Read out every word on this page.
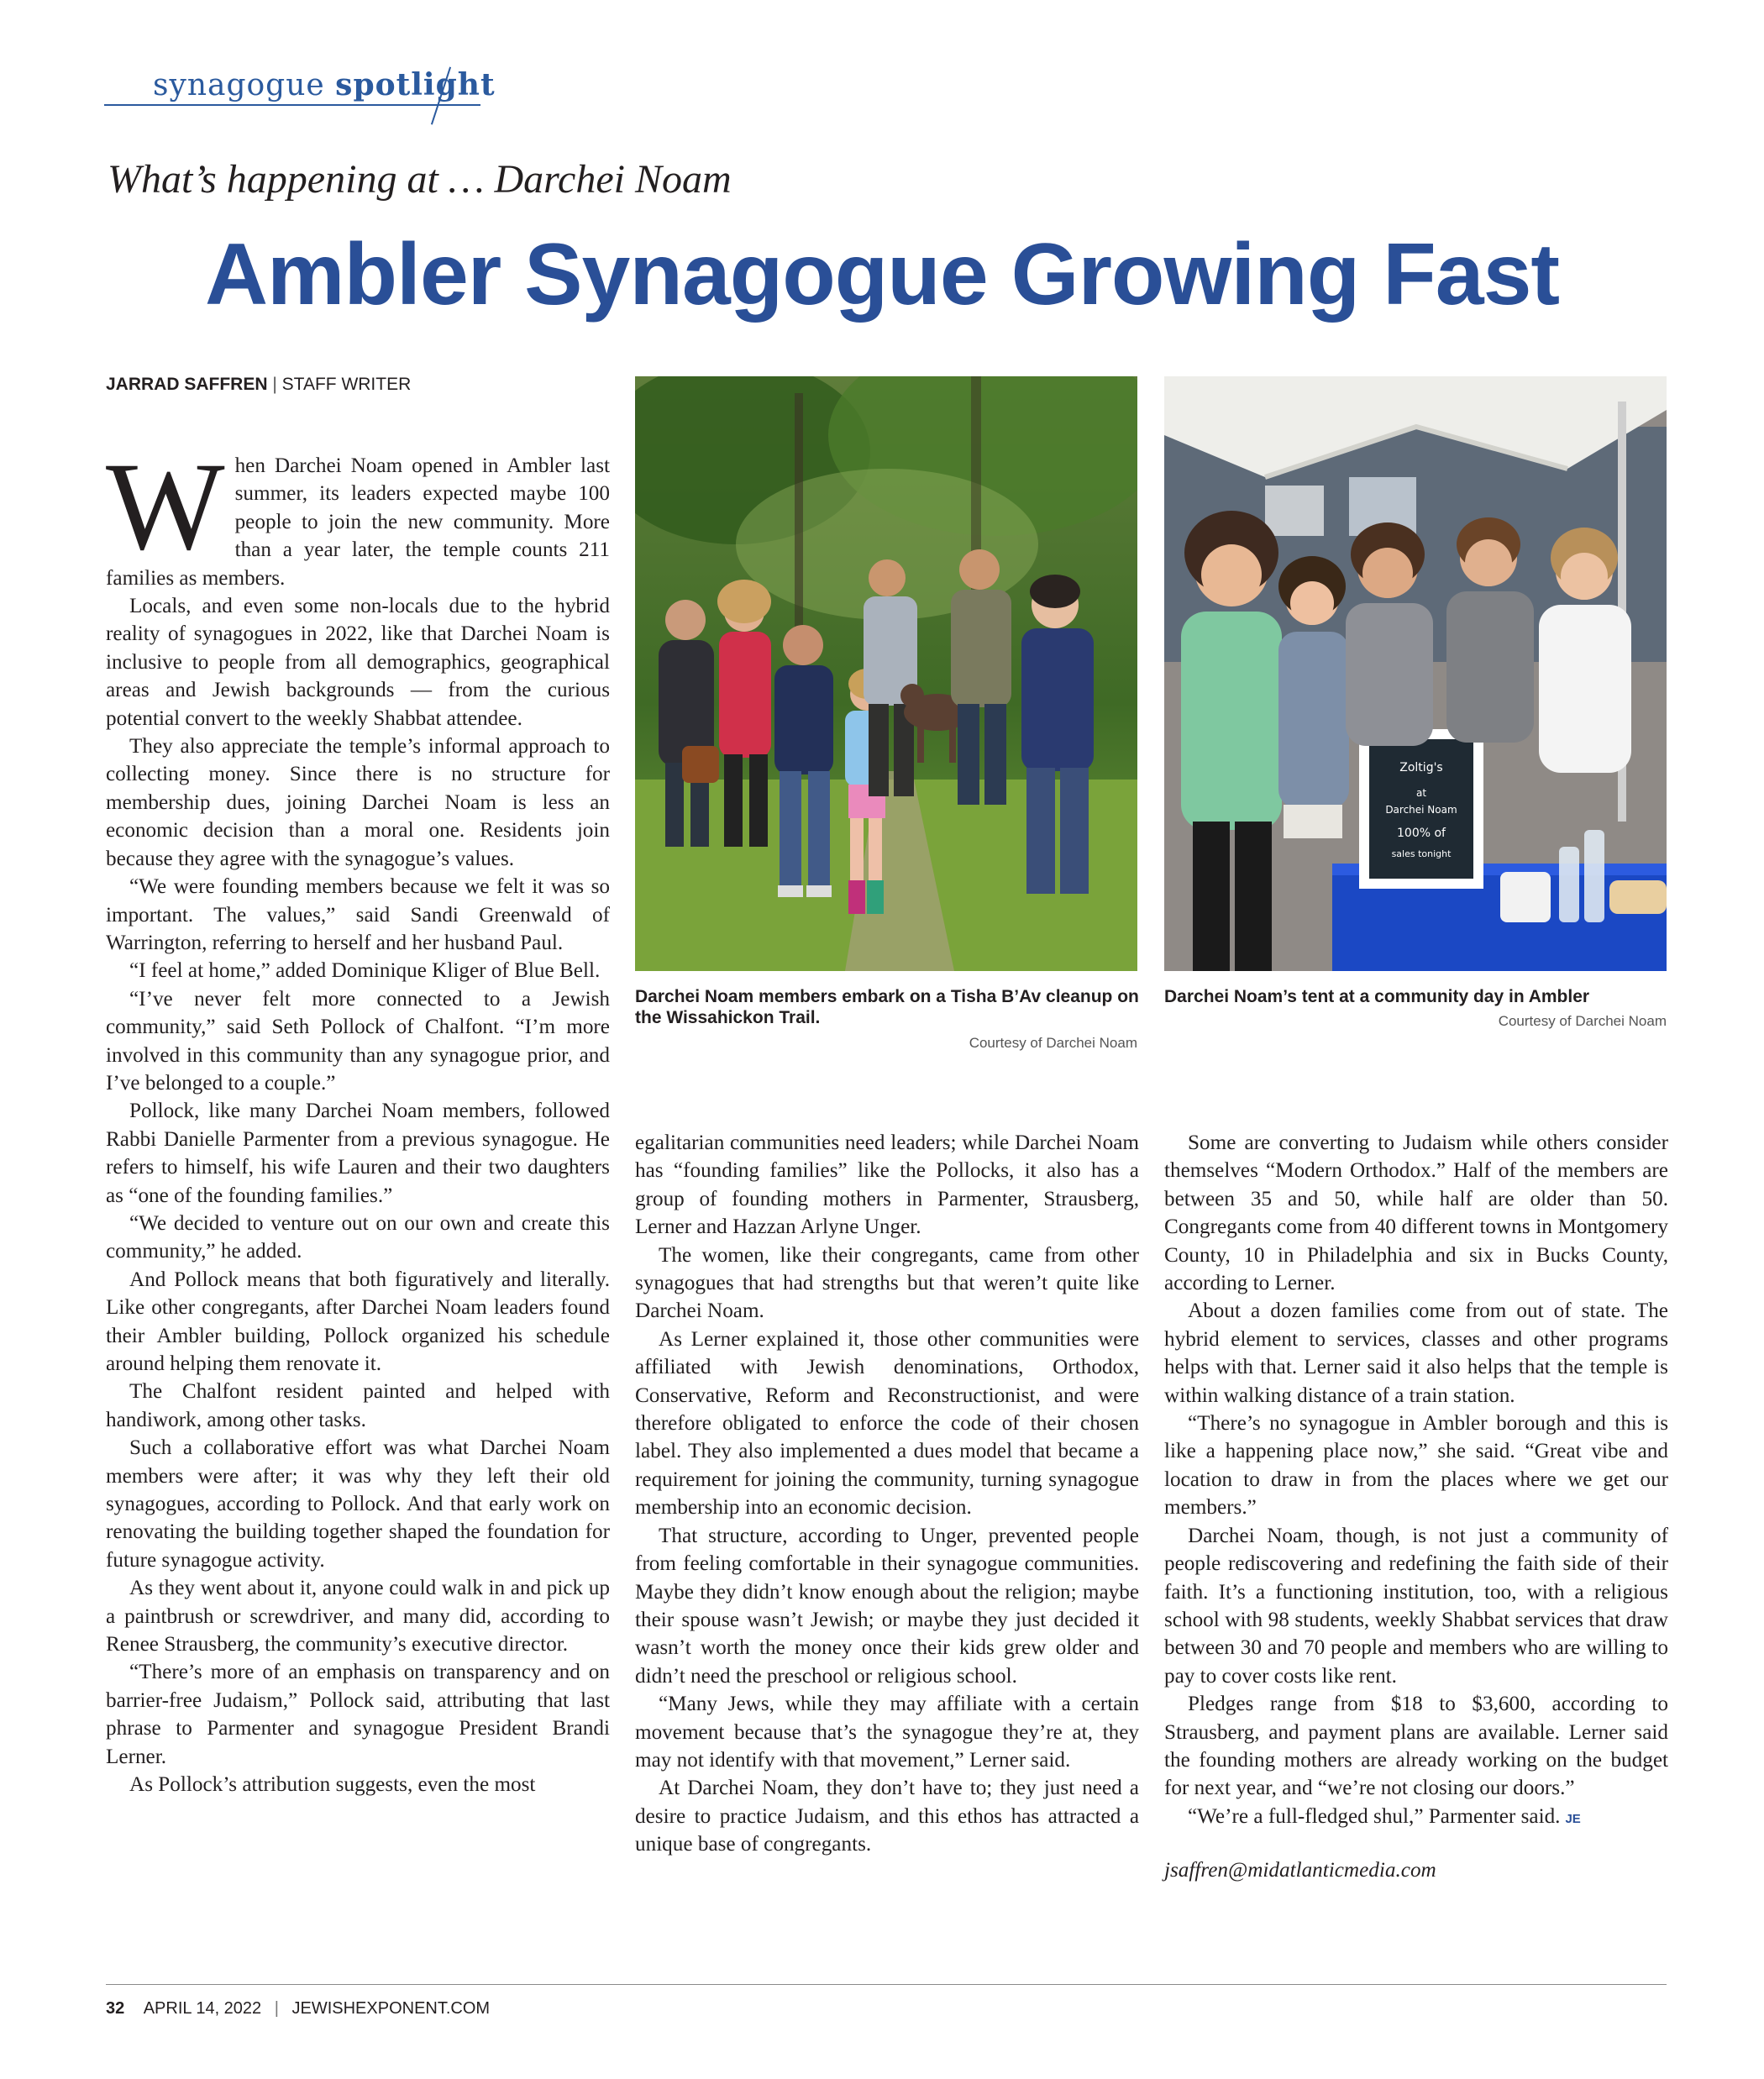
synagogue spotlight
What’s happening at … Darchei Noam
Ambler Synagogue Growing Fast
JARRAD SAFFREN | STAFF WRITER

When Darchei Noam opened in Ambler last summer, its leaders expected maybe 100 people to join the new community. More than a year later, the temple counts 211 families as members.

Locals, and even some non-locals due to the hybrid reality of synagogues in 2022, like that Darchei Noam is inclusive to people from all demographics, geographical areas and Jewish backgrounds — from the curious potential convert to the weekly Shabbat attendee.

They also appreciate the temple’s informal approach to collecting money. Since there is no structure for membership dues, joining Darchei Noam is less an economic decision than a moral one. Residents join because they agree with the synagogue’s values.

“We were founding members because we felt it was so important. The values,” said Sandi Greenwald of Warrington, referring to herself and her husband Paul.

“I feel at home,” added Dominique Kliger of Blue Bell.

“I’ve never felt more connected to a Jewish community,” said Seth Pollock of Chalfont. “I’m more involved in this community than any synagogue prior, and I’ve belonged to a couple.”

Pollock, like many Darchei Noam members, followed Rabbi Danielle Parmenter from a previous synagogue. He refers to himself, his wife Lauren and their two daughters as “one of the founding families.”

“We decided to venture out on our own and create this community,” he added.

And Pollock means that both figuratively and literally. Like other congregants, after Darchei Noam leaders found their Ambler building, Pollock organized his schedule around helping them renovate it.

The Chalfont resident painted and helped with handiwork, among other tasks.

Such a collaborative effort was what Darchei Noam members were after; it was why they left their old synagogues, according to Pollock. And that early work on renovating the building together shaped the foundation for future synagogue activity.

As they went about it, anyone could walk in and pick up a paintbrush or screwdriver, and many did, according to Renee Strausberg, the community’s executive director.

“There’s more of an emphasis on transparency and on barrier-free Judaism,” Pollock said, attributing that last phrase to Parmenter and synagogue President Brandi Lerner.

As Pollock’s attribution suggests, even the most

Darchei Noam members embark on a Tisha B’Av cleanup on the Wissahickon Trail.
Courtesy of Darchei Noam
Zoltig's
at
Darchei Noam
100% of
sales tonight
Darchei Noam’s tent at a community day in Ambler
Courtesy of Darchei Noam

egalitarian communities need leaders; while Darchei Noam has “founding families” like the Pollocks, it also has a group of founding mothers in Parmenter, Strausberg, Lerner and Hazzan Arlyne Unger.

The women, like their congregants, came from other synagogues that had strengths but that weren’t quite like Darchei Noam.

As Lerner explained it, those other communities were affiliated with Jewish denominations, Orthodox, Conservative, Reform and Reconstructionist, and were therefore obligated to enforce the code of their chosen label. They also implemented a dues model that became a requirement for joining the community, turning synagogue membership into an economic decision.

That structure, according to Unger, prevented people from feeling comfortable in their synagogue communities. Maybe they didn’t know enough about the religion; maybe their spouse wasn’t Jewish; or maybe they just decided it wasn’t worth the money once their kids grew older and didn’t need the preschool or religious school.

“Many Jews, while they may affiliate with a certain movement because that’s the synagogue they’re at, they may not identify with that movement,” Lerner said.

At Darchei Noam, they don’t have to; they just need a desire to practice Judaism, and this ethos has attracted a unique base of congregants.

Some are converting to Judaism while others consider themselves “Modern Orthodox.” Half of the members are between 35 and 50, while half are older than 50. Congregants come from 40 different towns in Montgomery County, 10 in Philadelphia and six in Bucks County, according to Lerner.

About a dozen families come from out of state. The hybrid element to services, classes and other programs helps with that. Lerner said it also helps that the temple is within walking distance of a train station.

“There’s no synagogue in Ambler borough and this is like a happening place now,” she said. “Great vibe and location to draw in from the places where we get our members.”

Darchei Noam, though, is not just a community of people rediscovering and redefining the faith side of their faith. It’s a functioning institution, too, with a religious school with 98 students, weekly Shabbat services that draw between 30 and 70 people and members who are willing to pay to cover costs like rent.

Pledges range from $18 to $3,600, according to Strausberg, and payment plans are available. Lerner said the founding mothers are already working on the budget for next year, and “we’re not closing our doors.”

“We’re a full-fledged shul,” Parmenter said. JE

jsaffren@midatlanticmedia.com

32 APRIL 14, 2022 | JEWISHEXPONENT.COM
